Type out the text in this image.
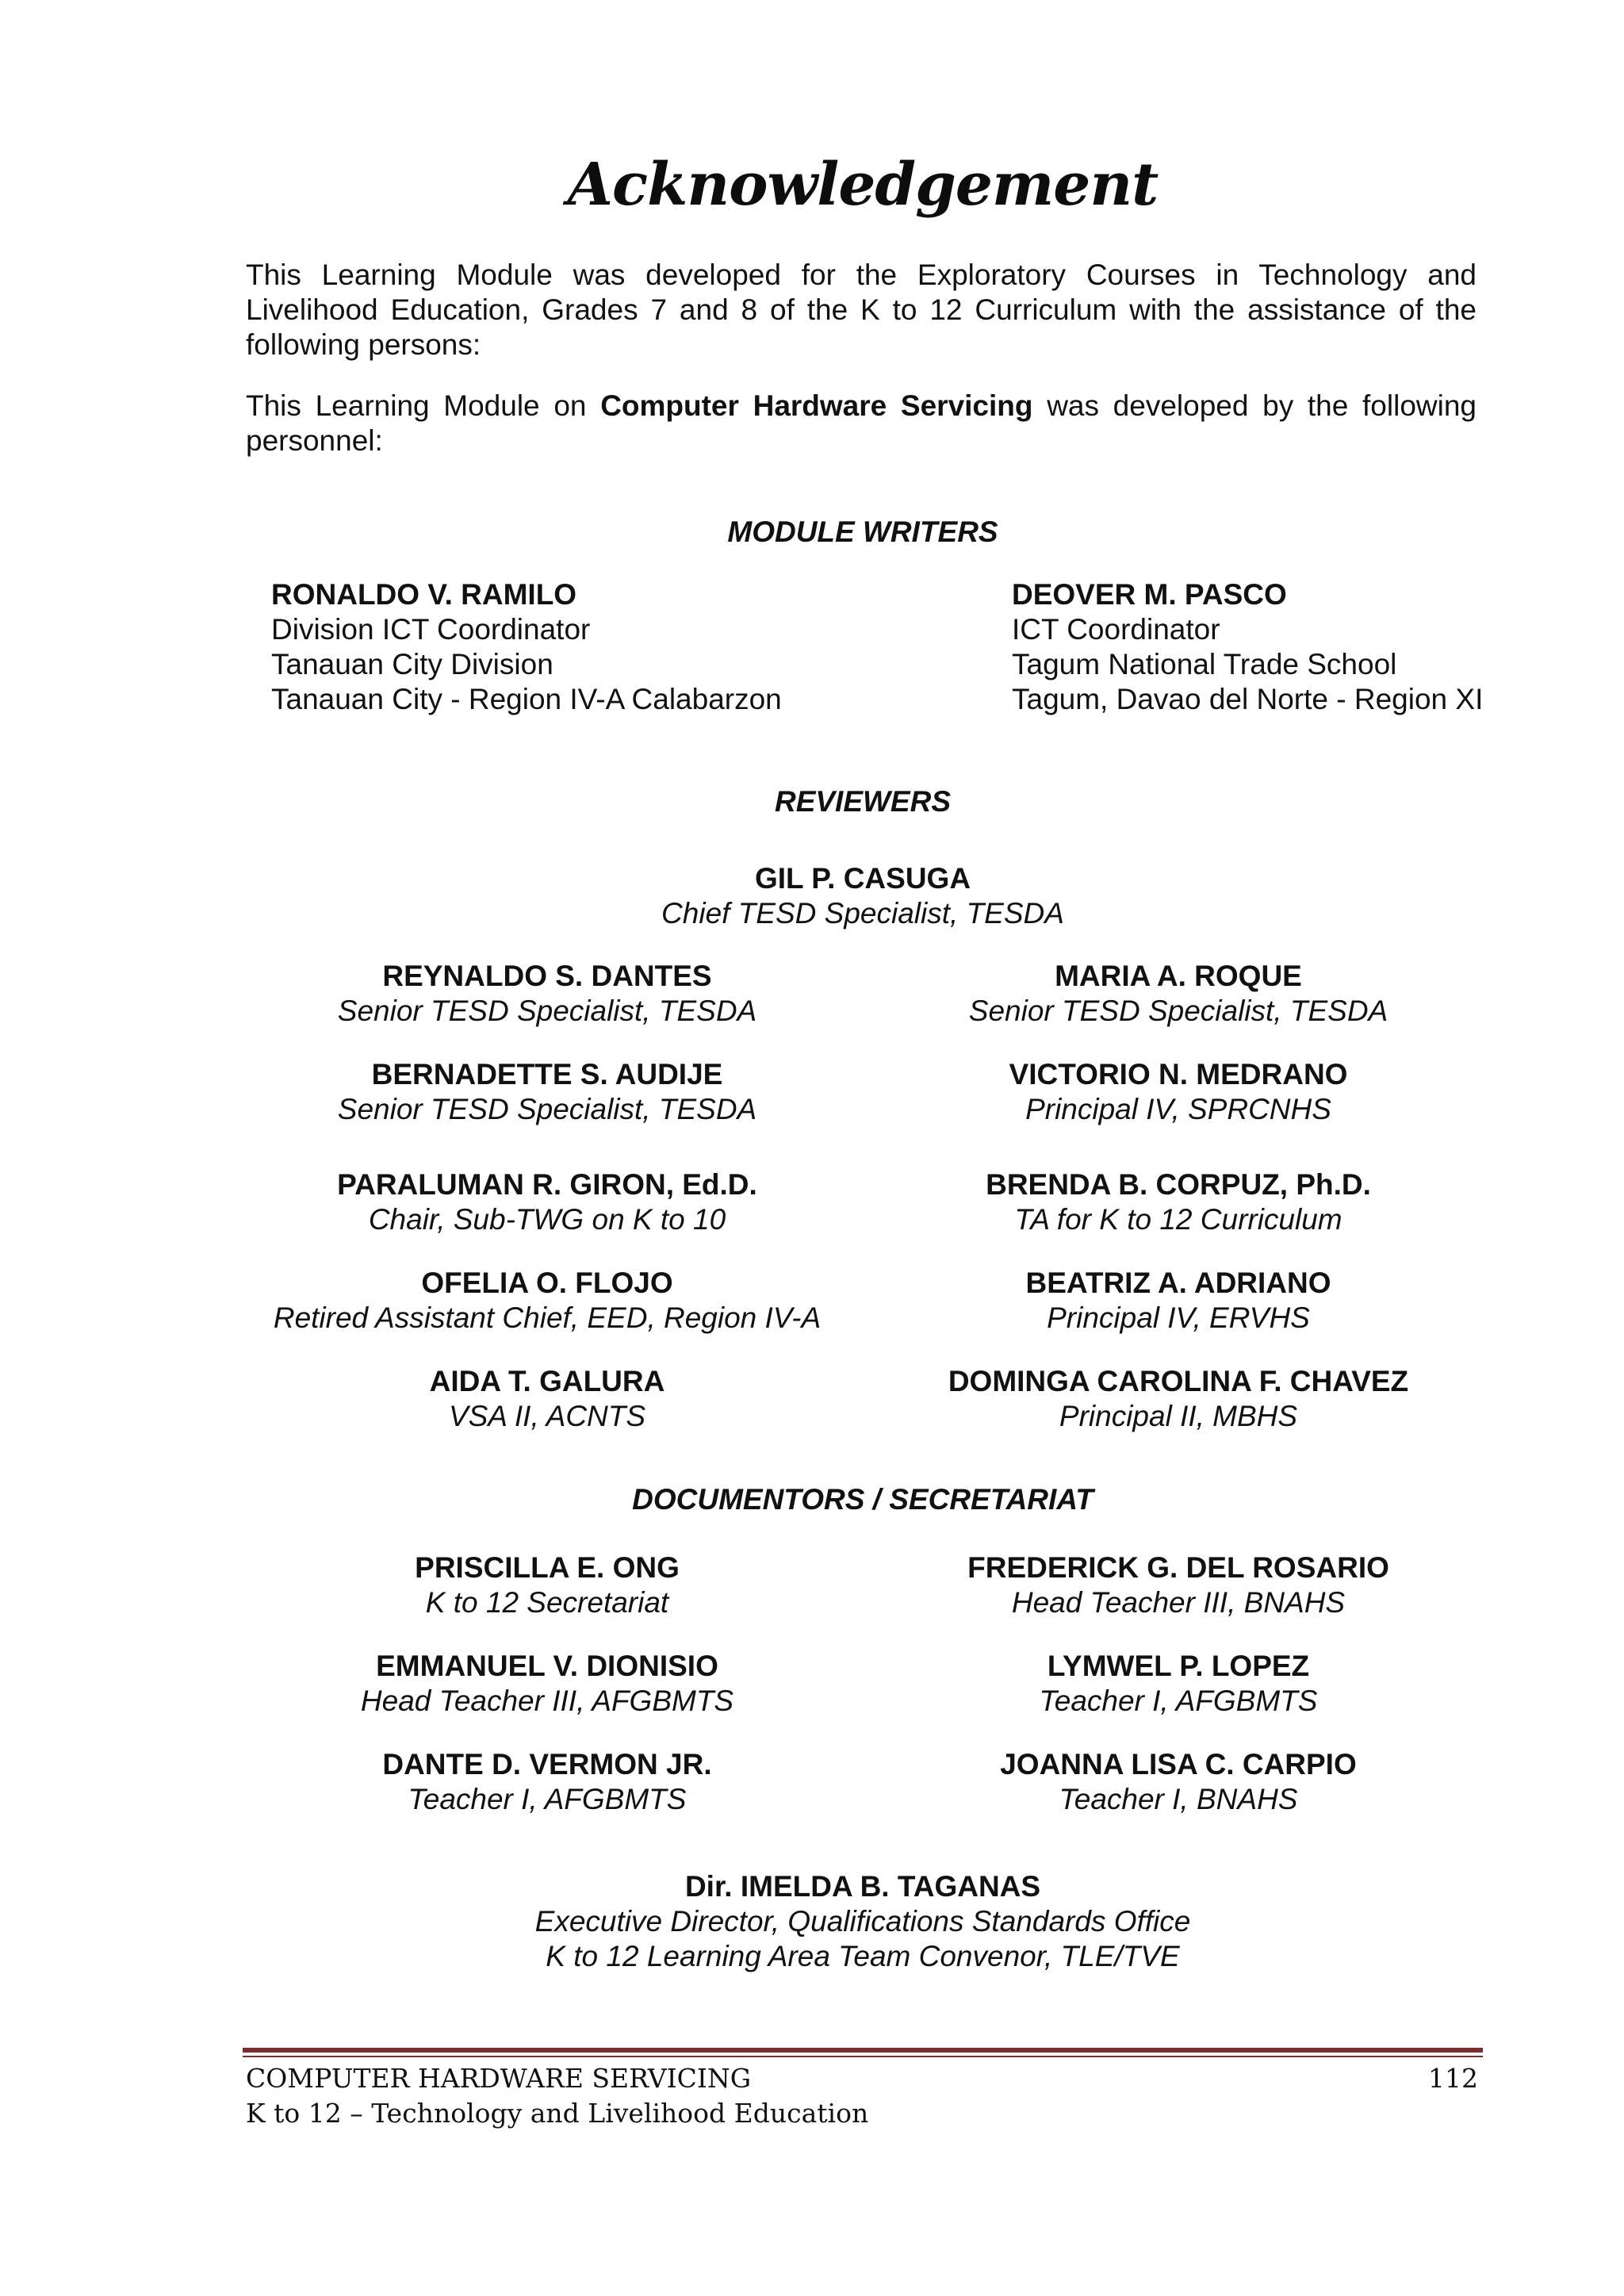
Acknowledgement

This Learning Module was developed for the Exploratory Courses in Technology and Livelihood Education, Grades 7 and 8 of the K to 12 Curriculum with the assistance of the following persons:

This Learning Module on Computer Hardware Servicing was developed by the following personnel:

MODULE WRITERS
RONALDO V. RAMILO
Division ICT Coordinator
Tanauan City Division
Tanauan City - Region IV-A Calabarzon
DEOVER M. PASCO
ICT Coordinator
Tagum National Trade School
Tagum, Davao del Norte - Region XI
REVIEWERS
GIL P. CASUGA
Chief TESD Specialist, TESDA
REYNALDO S. DANTES
Senior TESD Specialist, TESDA
MARIA A. ROQUE
Senior TESD Specialist, TESDA
BERNADETTE S. AUDIJE
Senior TESD Specialist, TESDA
VICTORIO N. MEDRANO
Principal IV, SPRCNHS
PARALUMAN R. GIRON, Ed.D.
Chair, Sub-TWG on K to 10
BRENDA B. CORPUZ, Ph.D.
TA for K to 12 Curriculum
OFELIA O. FLOJO
Retired Assistant Chief, EED, Region IV-A
BEATRIZ A. ADRIANO
Principal IV, ERVHS
AIDA T. GALURA
VSA II, ACNTS
DOMINGA CAROLINA F. CHAVEZ
Principal II, MBHS
DOCUMENTORS / SECRETARIAT
PRISCILLA E. ONG
K to 12 Secretariat
FREDERICK G. DEL ROSARIO
Head Teacher III, BNAHS
EMMANUEL V. DIONISIO
Head Teacher III, AFGBMTS
LYMWEL P. LOPEZ
Teacher I, AFGBMTS
DANTE D. VERMON JR.
Teacher I, AFGBMTS
JOANNA LISA C. CARPIO
Teacher I, BNAHS
Dir. IMELDA B. TAGANAS
Executive Director, Qualifications Standards Office
K to 12 Learning Area Team Convenor, TLE/TVE
COMPUTER HARDWARE SERVICING
K to 12 – Technology and Livelihood Education
112
